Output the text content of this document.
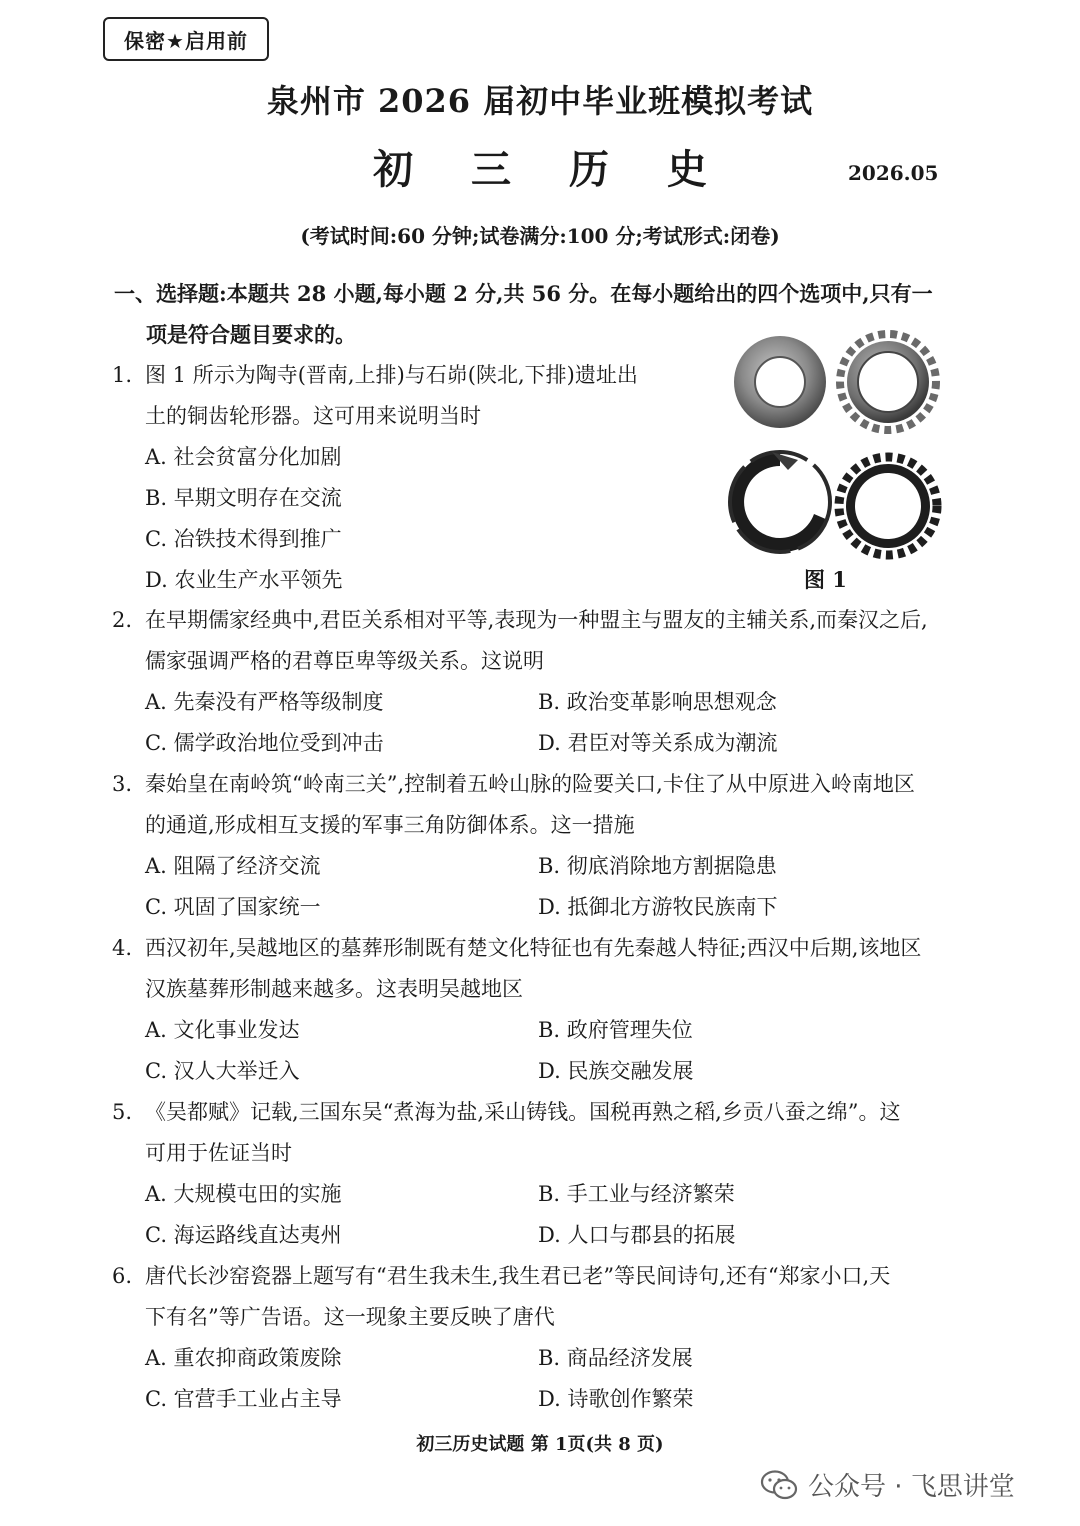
保密★启用前
泉州市 2026 届初中毕业班模拟考试
初 三 历 史	2026.05
(考试时间:60 分钟;试卷满分:100 分;考试形式:闭卷)
一、选择题:本题共 28 小题,每小题 2 分,共 56 分。在每小题给出的四个选项中,只有一
项是符合题目要求的。
1. 图 1 所示为陶寺(晋南,上排)与石峁(陕北,下排)遗址出
土的铜齿轮形器。这可用来说明当时
A. 社会贫富分化加剧
B. 早期文明存在交流
C. 冶铁技术得到推广
D. 农业生产水平领先	图 1
2. 在早期儒家经典中,君臣关系相对平等,表现为一种盟主与盟友的主辅关系,而秦汉之后,
儒家强调严格的君尊臣卑等级关系。这说明
A. 先秦没有严格等级制度	B. 政治变革影响思想观念
C. 儒学政治地位受到冲击	D. 君臣对等关系成为潮流
3. 秦始皇在南岭筑“岭南三关”,控制着五岭山脉的险要关口,卡住了从中原进入岭南地区
的通道,形成相互支援的军事三角防御体系。这一措施
A. 阻隔了经济交流	B. 彻底消除地方割据隐患
C. 巩固了国家统一	D. 抵御北方游牧民族南下
4. 西汉初年,吴越地区的墓葬形制既有楚文化特征也有先秦越人特征;西汉中后期,该地区
汉族墓葬形制越来越多。这表明吴越地区
A. 文化事业发达	B. 政府管理失位
C. 汉人大举迁入	D. 民族交融发展
5. 《吴都赋》记载,三国东吴“煮海为盐,采山铸钱。国税再熟之稻,乡贡八蚕之绵”。这
可用于佐证当时
A. 大规模屯田的实施	B. 手工业与经济繁荣
C. 海运路线直达夷州	D. 人口与郡县的拓展
6. 唐代长沙窑瓷器上题写有“君生我未生,我生君已老”等民间诗句,还有“郑家小口,天
下有名”等广告语。这一现象主要反映了唐代
A. 重农抑商政策废除	B. 商品经济发展
C. 官营手工业占主导	D. 诗歌创作繁荣
初三历史试题 第 1页(共 8 页)
公众号 · 飞思讲堂
